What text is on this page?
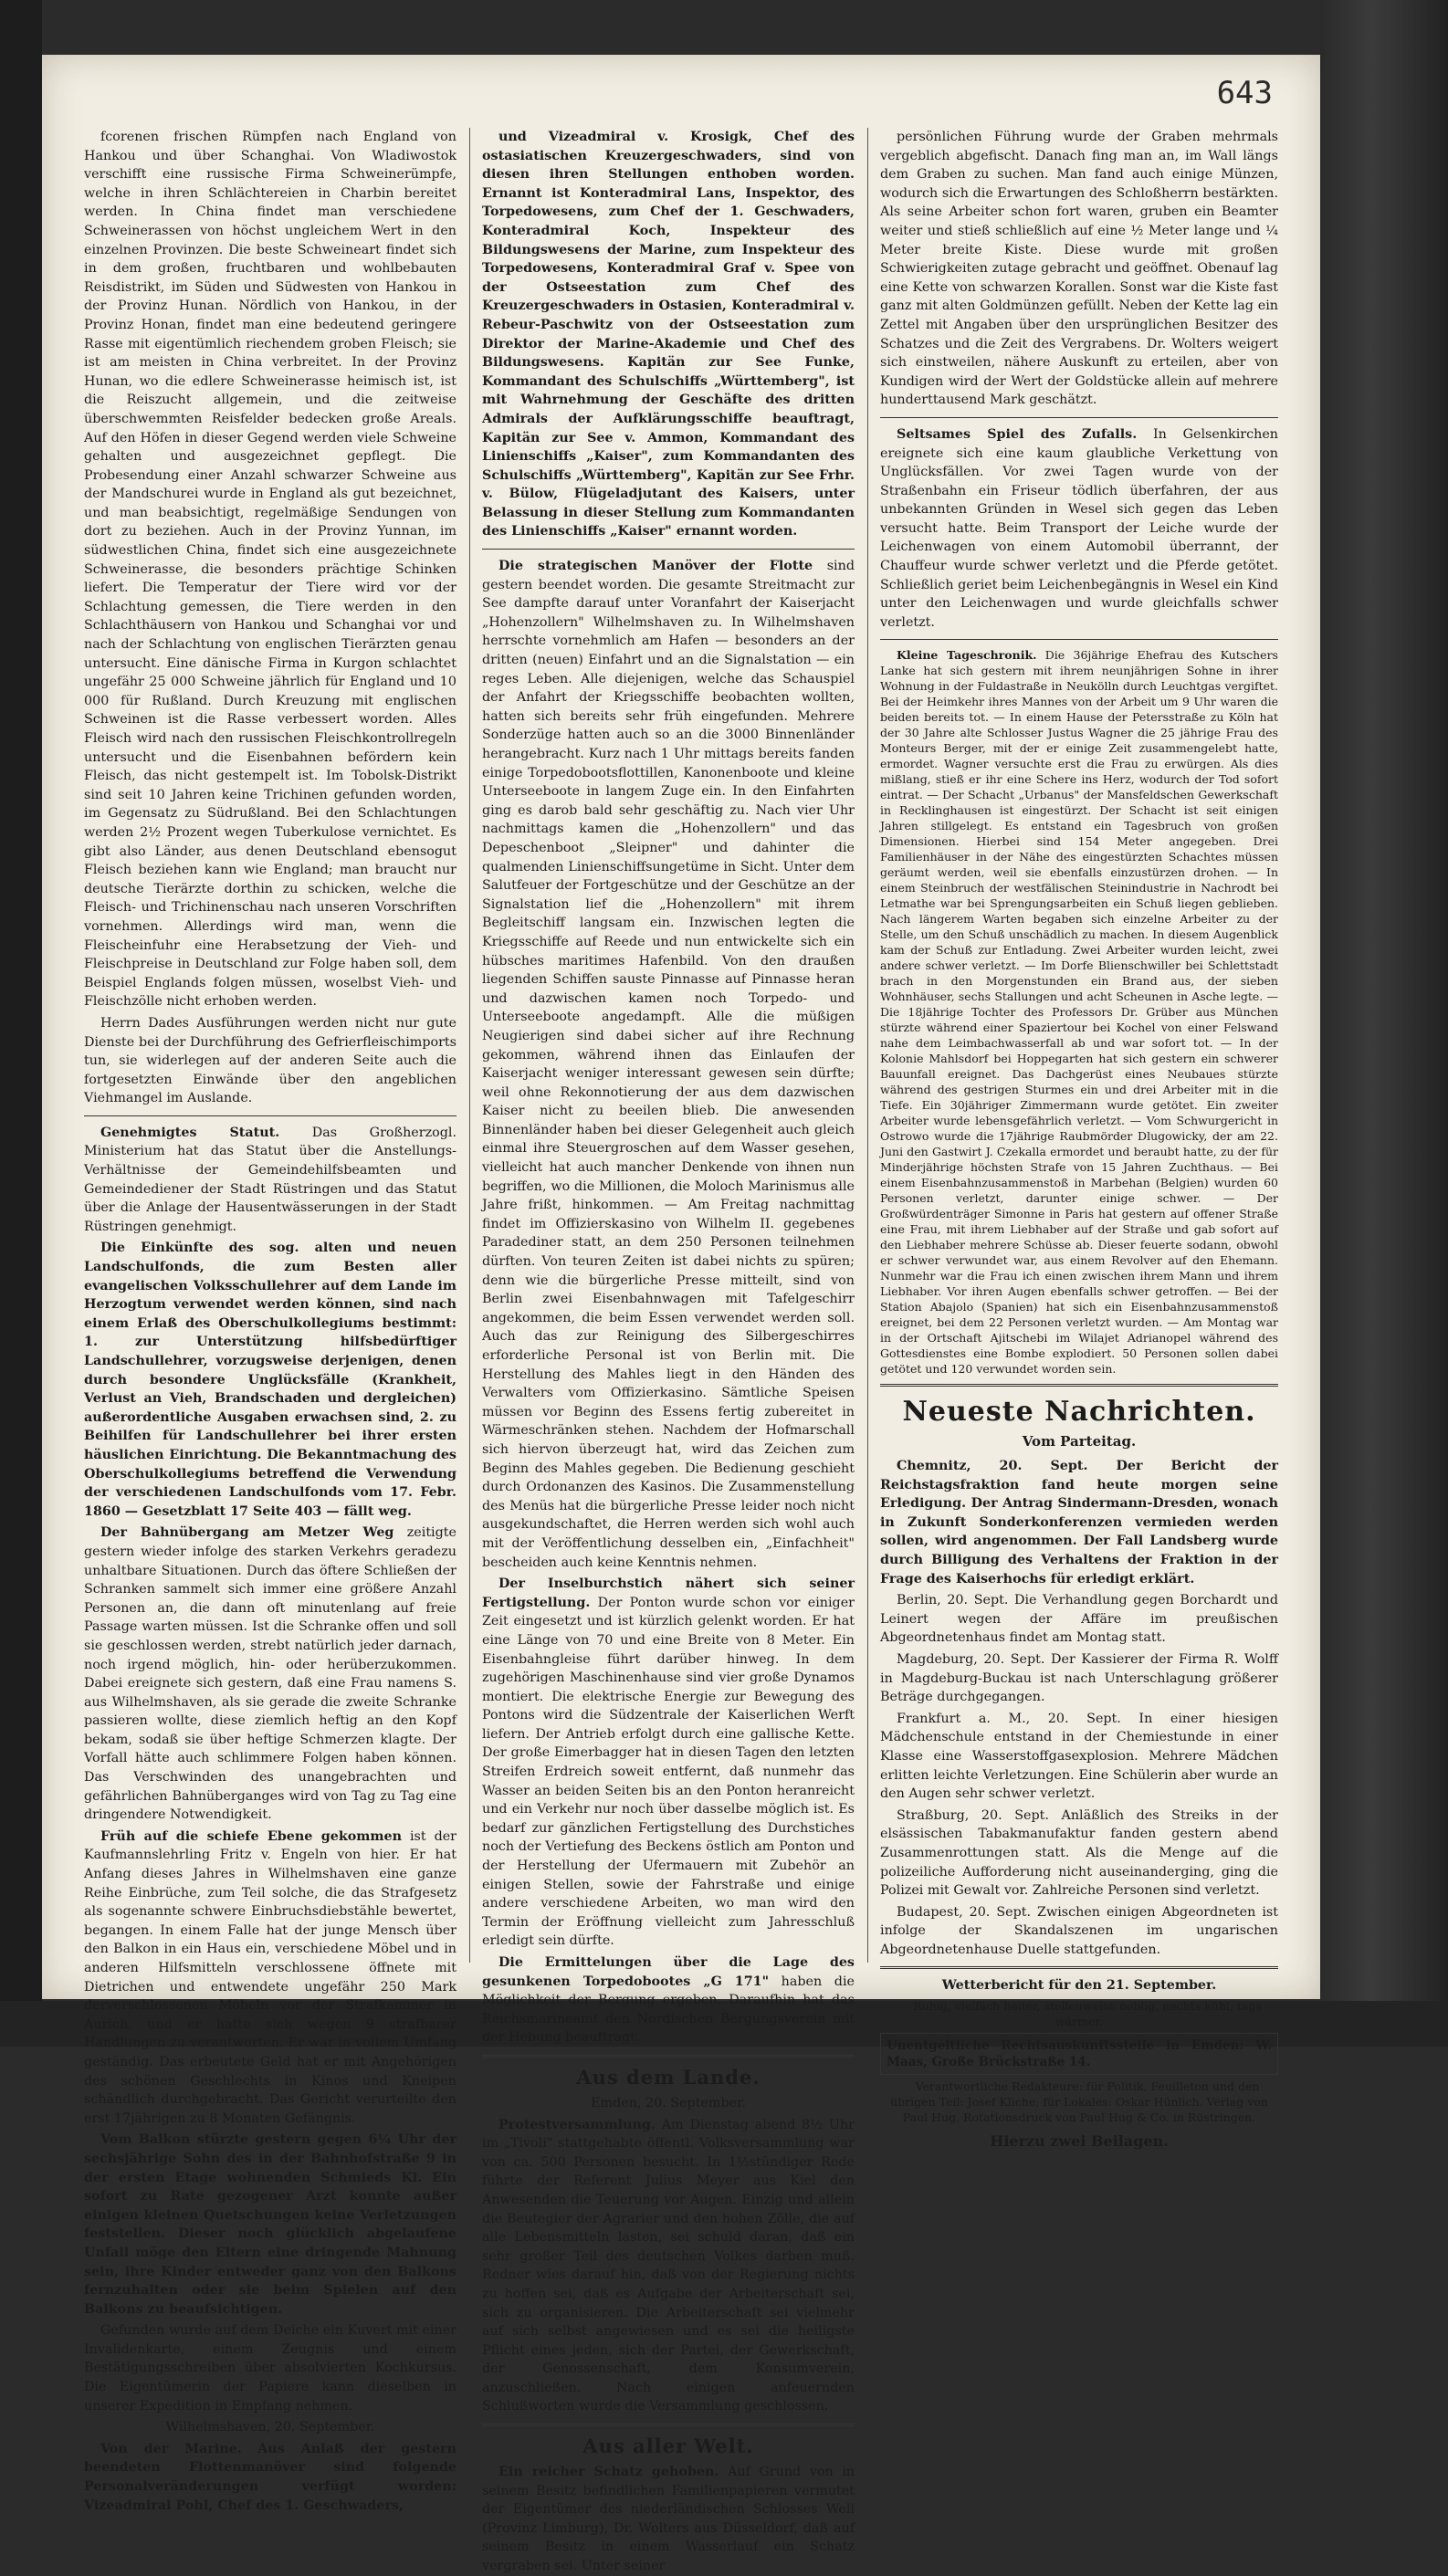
643

fcorenen frischen Rümpfen nach England von Hankou und über Schanghai. Von Wladiwostok verschifft eine russische Firma Schweinerümpfe, welche in ihren Schlächtereien in Charbin bereitet werden. In China findet man verschiedene Schweinerassen von höchst ungleichem Wert in den einzelnen Provinzen. Die beste Schweineart findet sich in dem großen, fruchtbaren und wohlbebauten Reisdistrikt, im Süden und Südwesten von Hankou in der Provinz Hunan. Nördlich von Hankou, in der Provinz Honan, findet man eine bedeutend geringere Rasse mit eigentümlich riechendem groben Fleisch; sie ist am meisten in China verbreitet. In der Provinz Hunan, wo die edlere Schweinerasse heimisch ist, ist die Reiszucht allgemein, und die zeitweise überschwemmten Reisfelder bedecken große Areals. Auf den Höfen in dieser Gegend werden viele Schweine gehalten und ausgezeichnet gepflegt. Die Probesendung einer Anzahl schwarzer Schweine aus der Mandschurei wurde in England als gut bezeichnet, und man beabsichtigt, regelmäßige Sendungen von dort zu beziehen. Auch in der Provinz Yunnan, im südwestlichen China, findet sich eine ausgezeichnete Schweinerasse, die besonders prächtige Schinken liefert. Die Temperatur der Tiere wird vor der Schlachtung gemessen, die Tiere werden in den Schlachthäusern von Hankou und Schanghai vor und nach der Schlachtung von englischen Tierärzten genau untersucht. Eine dänische Firma in Kurgon schlachtet ungefähr 25 000 Schweine jährlich für England und 10 000 für Rußland. Durch Kreuzung mit englischen Schweinen ist die Rasse verbessert worden. Alles Fleisch wird nach den russischen Fleischkontrollregeln untersucht und die Eisenbahnen befördern kein Fleisch, das nicht gestempelt ist. Im Tobolsk-Distrikt sind seit 10 Jahren keine Trichinen gefunden worden, im Gegensatz zu Südrußland. Bei den Schlachtungen werden 2½ Prozent wegen Tuberkulose vernichtet. Es gibt also Länder, aus denen Deutschland ebensogut Fleisch beziehen kann wie England; man braucht nur deutsche Tierärzte dorthin zu schicken, welche die Fleisch- und Trichinenschau nach unseren Vorschriften vornehmen. Allerdings wird man, wenn die Fleischeinfuhr eine Herabsetzung der Vieh- und Fleischpreise in Deutschland zur Folge haben soll, dem Beispiel Englands folgen müssen, woselbst Vieh- und Fleischzölle nicht erhoben werden.

Herrn Dades Ausführungen werden nicht nur gute Dienste bei der Durchführung des Gefrierfleischimports tun, sie widerlegen auf der anderen Seite auch die fortgesetzten Einwände über den angeblichen Viehmangel im Auslande.

Genehmigtes Statut. Das Großherzogl. Ministerium hat das Statut über die Anstellungs-Verhältnisse der Gemeindehilfsbeamten und Gemeindediener der Stadt Rüstringen und das Statut über die Anlage der Hausentwässerungen in der Stadt Rüstringen genehmigt.

Die Einkünfte des sog. alten und neuen Landschulfonds, die zum Besten aller evangelischen Volksschullehrer auf dem Lande im Herzogtum verwendet werden können, sind nach einem Erlaß des Oberschulkollegiums bestimmt: 1. zur Unterstützung hilfsbedürftiger Landschullehrer, vorzugsweise derjenigen, denen durch besondere Unglücksfälle (Krankheit, Verlust an Vieh, Brandschaden und dergleichen) außerordentliche Ausgaben erwachsen sind, 2. zu Beihilfen für Landschullehrer bei ihrer ersten häuslichen Einrichtung. Die Bekanntmachung des Oberschulkollegiums betreffend die Verwendung der verschiedenen Landschulfonds vom 17. Febr. 1860 — Gesetzblatt 17 Seite 403 — fällt weg.

Der Bahnübergang am Metzer Weg zeitigte gestern wieder infolge des starken Verkehrs geradezu unhaltbare Situationen. Durch das öftere Schließen der Schranken sammelt sich immer eine größere Anzahl Personen an, die dann oft minutenlang auf freie Passage warten müssen. Ist die Schranke offen und soll sie geschlossen werden, strebt natürlich jeder darnach, noch irgend möglich, hin- oder herüberzukommen. Dabei ereignete sich gestern, daß eine Frau namens S. aus Wilhelmshaven, als sie gerade die zweite Schranke passieren wollte, diese ziemlich heftig an den Kopf bekam, sodaß sie über heftige Schmerzen klagte. Der Vorfall hätte auch schlimmere Folgen haben können. Das Verschwinden des unangebrachten und gefährlichen Bahnüberganges wird von Tag zu Tag eine dringendere Notwendigkeit.

Früh auf die schiefe Ebene gekommen ist der Kaufmannslehrling Fritz v. Engeln von hier. Er hat Anfang dieses Jahres in Wilhelmshaven eine ganze Reihe Einbrüche, zum Teil solche, die das Strafgesetz als sogenannte schwere Einbruchsdiebstähle bewertet, begangen. In einem Falle hat der junge Mensch über den Balkon in ein Haus ein, verschiedene Möbel und in anderen Hilfsmitteln verschlossene öffnete mit Dietrichen und entwendete ungefähr 250 Mark derverschlossenen Möbeln vor der Strafkammer in Aurich, und er hatte sich wegen 9 strafbarer Handlungen zu verantworten. Er war in vollem Umfang geständig. Das erbeutete Geld hat er mit Angehörigen des schönen Geschlechts in Kinos und Kneipen schändlich durchgebracht. Das Gericht verurteilte den erst 17jährigen zu 8 Monaten Gefängnis.

Vom Balkon stürzte gestern gegen 6¼ Uhr der sechsjährige Sohn des in der Bahnhofstraße 9 in der ersten Etage wohnenden Schmieds Kl. Ein sofort zu Rate gezogener Arzt konnte außer einigen kleinen Quetschungen keine Verletzungen feststellen. Dieser noch glücklich abgelaufene Unfall möge den Eltern eine dringende Mahnung sein, ihre Kinder entweder ganz von den Balkons fernzuhalten oder sie beim Spielen auf den Balkons zu beaufsichtigen.

Gefunden wurde auf dem Deiche ein Kuvert mit einer Invalidenkarte, einem Zeugnis und einem Bestätigungsschreiben über absolvierten Kochkursus. Die Eigentümerin der Papiere kann dieselben in unserer Expedition in Empfang nehmen.

Wilhelmshaven, 20. September.

Von der Marine. Aus Anlaß der gestern beendeten Flottenmanöver sind folgende Personalveränderungen verfügt worden: Vizeadmiral Pohl, Chef des 1. Geschwaders,

und Vizeadmiral v. Krosigk, Chef des ostasiatischen Kreuzergeschwaders, sind von diesen ihren Stellungen enthoben worden. Ernannt ist Konteradmiral Lans, Inspektor, des Torpedowesens, zum Chef der 1. Geschwaders, Konteradmiral Koch, Inspekteur des Bildungswesens der Marine, zum Inspekteur des Torpedowesens, Konteradmiral Graf v. Spee von der Ostseestation zum Chef des Kreuzergeschwaders in Ostasien, Konteradmiral v. Rebeur-Paschwitz von der Ostseestation zum Direktor der Marine-Akademie und Chef des Bildungswesens. Kapitän zur See Funke, Kommandant des Schulschiffs „Württemberg", ist mit Wahrnehmung der Geschäfte des dritten Admirals der Aufklärungsschiffe beauftragt, Kapitän zur See v. Ammon, Kommandant des Linienschiffs „Kaiser", zum Kommandanten des Schulschiffs „Württemberg", Kapitän zur See Frhr. v. Bülow, Flügeladjutant des Kaisers, unter Belassung in dieser Stellung zum Kommandanten des Linienschiffs „Kaiser" ernannt worden.

Die strategischen Manöver der Flotte sind gestern beendet worden. Die gesamte Streitmacht zur See dampfte darauf unter Voranfahrt der Kaiserjacht „Hohenzollern" Wilhelmshaven zu. In Wilhelmshaven herrschte vornehmlich am Hafen — besonders an der dritten (neuen) Einfahrt und an die Signalstation — ein reges Leben. Alle diejenigen, welche das Schauspiel der Anfahrt der Kriegsschiffe beobachten wollten, hatten sich bereits sehr früh eingefunden. Mehrere Sonderzüge hatten auch so an die 3000 Binnenländer herangebracht. Kurz nach 1 Uhr mittags bereits fanden einige Torpedobootsflottillen, Kanonenboote und kleine Unterseeboote in langem Zuge ein. In den Einfahrten ging es darob bald sehr geschäftig zu. Nach vier Uhr nachmittags kamen die „Hohenzollern" und das Depeschenboot „Sleipner" und dahinter die qualmenden Linienschiffsungetüme in Sicht. Unter dem Salutfeuer der Fortgeschütze und der Geschütze an der Signalstation lief die „Hohenzollern" mit ihrem Begleitschiff langsam ein. Inzwischen legten die Kriegsschiffe auf Reede und nun entwickelte sich ein hübsches maritimes Hafenbild. Von den draußen liegenden Schiffen sauste Pinnasse auf Pinnasse heran und dazwischen kamen noch Torpedo- und Unterseeboote angedampft. Alle die müßigen Neugierigen sind dabei sicher auf ihre Rechnung gekommen, während ihnen das Einlaufen der Kaiserjacht weniger interessant gewesen sein dürfte; weil ohne Rekonnotierung der aus dem dazwischen Kaiser nicht zu beeilen blieb. Die anwesenden Binnenländer haben bei dieser Gelegenheit auch gleich einmal ihre Steuergroschen auf dem Wasser gesehen, vielleicht hat auch mancher Denkende von ihnen nun begriffen, wo die Millionen, die Moloch Marinismus alle Jahre frißt, hinkommen. — Am Freitag nachmittag findet im Offizierskasino von Wilhelm II. gegebenes Paradediner statt, an dem 250 Personen teilnehmen dürften. Von teuren Zeiten ist dabei nichts zu spüren; denn wie die bürgerliche Presse mitteilt, sind von Berlin zwei Eisenbahnwagen mit Tafelgeschirr angekommen, die beim Essen verwendet werden soll. Auch das zur Reinigung des Silbergeschirres erforderliche Personal ist von Berlin mit. Die Herstellung des Mahles liegt in den Händen des Verwalters vom Offizierkasino. Sämtliche Speisen müssen vor Beginn des Essens fertig zubereitet in Wärmeschränken stehen. Nachdem der Hofmarschall sich hiervon überzeugt hat, wird das Zeichen zum Beginn des Mahles gegeben. Die Bedienung geschieht durch Ordonanzen des Kasinos. Die Zusammenstellung des Menüs hat die bürgerliche Presse leider noch nicht ausgekundschaftet, die Herren werden sich wohl auch mit der Veröffentlichung desselben ein, „Einfachheit" bescheiden auch keine Kenntnis nehmen.

Der Inselburchstich nähert sich seiner Fertigstellung. Der Ponton wurde schon vor einiger Zeit eingesetzt und ist kürzlich gelenkt worden. Er hat eine Länge von 70 und eine Breite von 8 Meter. Ein Eisenbahngleise führt darüber hinweg. In dem zugehörigen Maschinenhause sind vier große Dynamos montiert. Die elektrische Energie zur Bewegung des Pontons wird die Südzentrale der Kaiserlichen Werft liefern. Der Antrieb erfolgt durch eine gallische Kette. Der große Eimerbagger hat in diesen Tagen den letzten Streifen Erdreich soweit entfernt, daß nunmehr das Wasser an beiden Seiten bis an den Ponton heranreicht und ein Verkehr nur noch über dasselbe möglich ist. Es bedarf zur gänzlichen Fertigstellung des Durchstiches noch der Vertiefung des Beckens östlich am Ponton und der Herstellung der Ufermauern mit Zubehör an einigen Stellen, sowie der Fahrstraße und einige andere verschiedene Arbeiten, wo man wird den Termin der Eröffnung vielleicht zum Jahresschluß erledigt sein dürfte.

Die Ermittelungen über die Lage des gesunkenen Torpedobootes „G 171" haben die Möglichkeit der Bergung ergeben. Daraufhin hat das Reichsmarineamt den Nordischen Bergungsverein mit der Hebung beauftragt.

Aus dem Lande.

Emden, 20. September.

Protestversammlung. Am Dienstag abend 8½ Uhr im „Tivoli" stattgehabte öffentl. Volksversammlung war von ca. 500 Personen besucht. In 1½stündiger Rede führte der Referent Julius Meyer aus Kiel den Anwesenden die Teuerung vor Augen. Einzig und allein die Beutegier der Agrarier und den hohen Zölle, die auf alle Lebensmitteln lasten, sei schuld daran, daß ein sehr großer Teil des deutschen Volkes darben muß. Redner wies darauf hin, daß von der Regierung nichts zu hoffen sei, daß es Aufgabe der Arbeiterschaft sei, sich zu organisieren. Die Arbeiterschaft sei vielmehr auf sich selbst angewiesen und es sei die heiligste Pflicht eines jeden, sich der Partei, der Gewerkschaft, der Genossenschaft, dem Konsumverein, anzuschließen. Nach einigen anfeuernden Schlußworten wurde die Versammlung geschlossen.

Aus aller Welt.

Ein reicher Schatz gehoben. Auf Grund von in seinem Besitz befindlichen Familienpapieren vermutet der Eigentümer des niederländischen Schlosses Well (Provinz Limburg), Dr. Wolters aus Düsseldorf, daß auf seinem Besitz in einem Wasserlauf ein Schatz vergraben sei. Unter seiner

persönlichen Führung wurde der Graben mehrmals vergeblich abgefischt. Danach fing man an, im Wall längs dem Graben zu suchen. Man fand auch einige Münzen, wodurch sich die Erwartungen des Schloßherrn bestärkten. Als seine Arbeiter schon fort waren, gruben ein Beamter weiter und stieß schließlich auf eine ½ Meter lange und ¼ Meter breite Kiste. Diese wurde mit großen Schwierigkeiten zutage gebracht und geöffnet. Obenauf lag eine Kette von schwarzen Korallen. Sonst war die Kiste fast ganz mit alten Goldmünzen gefüllt. Neben der Kette lag ein Zettel mit Angaben über den ursprünglichen Besitzer des Schatzes und die Zeit des Vergrabens. Dr. Wolters weigert sich einstweilen, nähere Auskunft zu erteilen, aber von Kundigen wird der Wert der Goldstücke allein auf mehrere hunderttausend Mark geschätzt.

Seltsames Spiel des Zufalls. In Gelsenkirchen ereignete sich eine kaum glaubliche Verkettung von Unglücksfällen. Vor zwei Tagen wurde von der Straßenbahn ein Friseur tödlich überfahren, der aus unbekannten Gründen in Wesel sich gegen das Leben versucht hatte. Beim Transport der Leiche wurde der Leichenwagen von einem Automobil überrannt, der Chauffeur wurde schwer verletzt und die Pferde getötet. Schließlich geriet beim Leichenbegängnis in Wesel ein Kind unter den Leichenwagen und wurde gleichfalls schwer verletzt.

Kleine Tageschronik. Die 36jährige Ehefrau des Kutschers Lanke hat sich gestern mit ihrem neunjährigen Sohne in ihrer Wohnung in der Fuldastraße in Neukölln durch Leuchtgas vergiftet. Bei der Heimkehr ihres Mannes von der Arbeit um 9 Uhr waren die beiden bereits tot. — In einem Hause der Petersstraße zu Köln hat der 30 Jahre alte Schlosser Justus Wagner die 25 jährige Frau des Monteurs Berger, mit der er einige Zeit zusammengelebt hatte, ermordet. Wagner versuchte erst die Frau zu erwürgen. Als dies mißlang, stieß er ihr eine Schere ins Herz, wodurch der Tod sofort eintrat. — Der Schacht „Urbanus" der Mansfeldschen Gewerkschaft in Recklinghausen ist eingestürzt. Der Schacht ist seit einigen Jahren stillgelegt. Es entstand ein Tagesbruch von großen Dimensionen. Hierbei sind 154 Meter angegeben. Drei Familienhäuser in der Nähe des eingestürzten Schachtes müssen geräumt werden, weil sie ebenfalls einzustürzen drohen. — In einem Steinbruch der westfälischen Steinindustrie in Nachrodt bei Letmathe war bei Sprengungsarbeiten ein Schuß liegen geblieben. Nach längerem Warten begaben sich einzelne Arbeiter zu der Stelle, um den Schuß unschädlich zu machen. In diesem Augenblick kam der Schuß zur Entladung. Zwei Arbeiter wurden leicht, zwei andere schwer verletzt. — Im Dorfe Blienschwiller bei Schlettstadt brach in den Morgenstunden ein Brand aus, der sieben Wohnhäuser, sechs Stallungen und acht Scheunen in Asche legte. — Die 18jährige Tochter des Professors Dr. Grüber aus München stürzte während einer Spaziertour bei Kochel von einer Felswand nahe dem Leimbachwasserfall ab und war sofort tot. — In der Kolonie Mahlsdorf bei Hoppegarten hat sich gestern ein schwerer Bauunfall ereignet. Das Dachgerüst eines Neubaues stürzte während des gestrigen Sturmes ein und drei Arbeiter mit in die Tiefe. Ein 30jähriger Zimmermann wurde getötet. Ein zweiter Arbeiter wurde lebensgefährlich verletzt. — Vom Schwurgericht in Ostrowo wurde die 17jährige Raubmörder Dlugowicky, der am 22. Juni den Gastwirt J. Czekalla ermordet und beraubt hatte, zu der für Minderjährige höchsten Strafe von 15 Jahren Zuchthaus. — Bei einem Eisenbahnzusammenstoß in Marbehan (Belgien) wurden 60 Personen verletzt, darunter einige schwer. — Der Großwürdenträger Simonne in Paris hat gestern auf offener Straße eine Frau, mit ihrem Liebhaber auf der Straße und gab sofort auf den Liebhaber mehrere Schüsse ab. Dieser feuerte sodann, obwohl er schwer verwundet war, aus einem Revolver auf den Ehemann. Nunmehr war die Frau ich einen zwischen ihrem Mann und ihrem Liebhaber. Vor ihren Augen ebenfalls schwer getroffen. — Bei der Station Abajolo (Spanien) hat sich ein Eisenbahnzusammenstoß ereignet, bei dem 22 Personen verletzt wurden. — Am Montag war in der Ortschaft Ajitschebi im Wilajet Adrianopel während des Gottesdienstes eine Bombe explodiert. 50 Personen sollen dabei getötet und 120 verwundet worden sein.

Neueste Nachrichten.
Vom Parteitag.

Chemnitz, 20. Sept. Der Bericht der Reichstagsfraktion fand heute morgen seine Erledigung. Der Antrag Sindermann-Dresden, wonach in Zukunft Sonderkonferenzen vermieden werden sollen, wird angenommen. Der Fall Landsberg wurde durch Billigung des Verhaltens der Fraktion in der Frage des Kaiserhochs für erledigt erklärt.

Berlin, 20. Sept. Die Verhandlung gegen Borchardt und Leinert wegen der Affäre im preußischen Abgeordnetenhaus findet am Montag statt.

Magdeburg, 20. Sept. Der Kassierer der Firma R. Wolff in Magdeburg-Buckau ist nach Unterschlagung größerer Beträge durchgegangen.

Frankfurt a. M., 20. Sept. In einer hiesigen Mädchenschule entstand in der Chemiestunde in einer Klasse eine Wasserstoffgasexplosion. Mehrere Mädchen erlitten leichte Verletzungen. Eine Schülerin aber wurde an den Augen sehr schwer verletzt.

Straßburg, 20. Sept. Anläßlich des Streiks in der elsässischen Tabakmanufaktur fanden gestern abend Zusammenrottungen statt. Als die Menge auf die polizeiliche Aufforderung nicht auseinanderging, ging die Polizei mit Gewalt vor. Zahlreiche Personen sind verletzt.

Budapest, 20. Sept. Zwischen einigen Abgeordneten ist infolge der Skandalszenen im ungarischen Abgeordnetenhause Duelle stattgefunden.

Wetterbericht für den 21. September.

Ruhig, vielfach heiter, stellenweise neblig, nachts kühl, tags wärmer.

Unentgeltliche Rechtsauskunftsstelle in Emden: W. Maas, Große Brückstraße 14.

Verantwortliche Redakteure: für Politik, Feuilleton und den übrigen Teil: Josef Kliche; für Lokales: Oskar Hünlich. Verlag von Paul Hug, Rotationsdruck von Paul Hug & Co. in Rüstringen.

Hierzu zwei Beilagen.
